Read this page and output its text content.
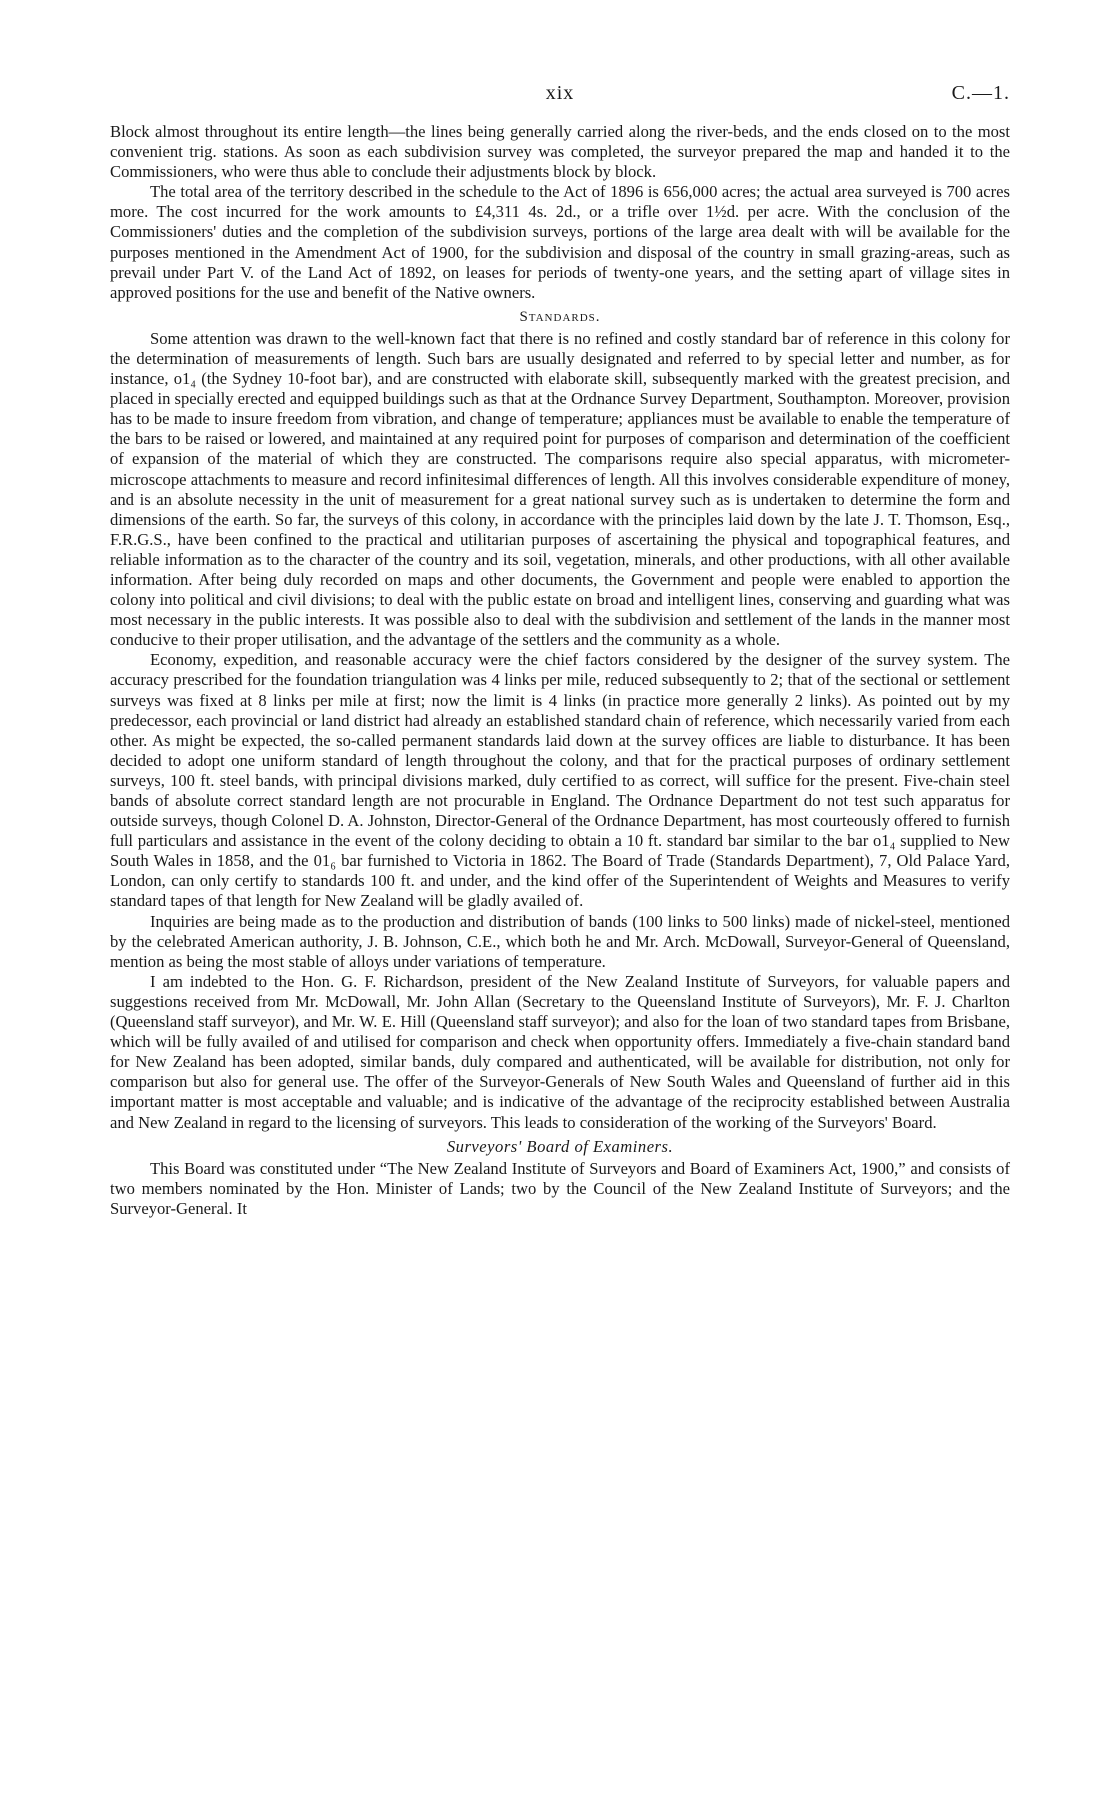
xix	C.—1.

Block almost throughout its entire length—the lines being generally carried along the river-beds, and the ends closed on to the most convenient trig. stations. As soon as each subdivision survey was completed, the surveyor prepared the map and handed it to the Commissioners, who were thus able to conclude their adjustments block by block.

The total area of the territory described in the schedule to the Act of 1896 is 656,000 acres; the actual area surveyed is 700 acres more. The cost incurred for the work amounts to £4,311 4s. 2d., or a trifle over 1½d. per acre. With the conclusion of the Commissioners' duties and the completion of the subdivision surveys, portions of the large area dealt with will be available for the purposes mentioned in the Amendment Act of 1900, for the subdivision and disposal of the country in small grazing-areas, such as prevail under Part V. of the Land Act of 1892, on leases for periods of twenty-one years, and the setting apart of village sites in approved positions for the use and benefit of the Native owners.

Standards.

Some attention was drawn to the well-known fact that there is no refined and costly standard bar of reference in this colony for the determination of measurements of length. Such bars are usually designated and referred to by special letter and number, as for instance, o1₄ (the Sydney 10-foot bar), and are constructed with elaborate skill, subsequently marked with the greatest precision, and placed in specially erected and equipped buildings such as that at the Ordnance Survey Department, Southampton. Moreover, provision has to be made to insure freedom from vibration, and change of temperature; appliances must be available to enable the temperature of the bars to be raised or lowered, and maintained at any required point for purposes of comparison and determination of the coefficient of expansion of the material of which they are constructed. The comparisons require also special apparatus, with micrometer-microscope attachments to measure and record infinitesimal differences of length. All this involves considerable expenditure of money, and is an absolute necessity in the unit of measurement for a great national survey such as is undertaken to determine the form and dimensions of the earth. So far, the surveys of this colony, in accordance with the principles laid down by the late J. T. Thomson, Esq., F.R.G.S., have been confined to the practical and utilitarian purposes of ascertaining the physical and topographical features, and reliable information as to the character of the country and its soil, vegetation, minerals, and other productions, with all other available information. After being duly recorded on maps and other documents, the Government and people were enabled to apportion the colony into political and civil divisions; to deal with the public estate on broad and intelligent lines, conserving and guarding what was most necessary in the public interests. It was possible also to deal with the subdivision and settlement of the lands in the manner most conducive to their proper utilisation, and the advantage of the settlers and the community as a whole.

Economy, expedition, and reasonable accuracy were the chief factors considered by the designer of the survey system. The accuracy prescribed for the foundation triangulation was 4 links per mile, reduced subsequently to 2; that of the sectional or settlement surveys was fixed at 8 links per mile at first; now the limit is 4 links (in practice more generally 2 links). As pointed out by my predecessor, each provincial or land district had already an established standard chain of reference, which necessarily varied from each other. As might be expected, the so-called permanent standards laid down at the survey offices are liable to disturbance. It has been decided to adopt one uniform standard of length throughout the colony, and that for the practical purposes of ordinary settlement surveys, 100 ft. steel bands, with principal divisions marked, duly certified to as correct, will suffice for the present. Five-chain steel bands of absolute correct standard length are not procurable in England. The Ordnance Department do not test such apparatus for outside surveys, though Colonel D. A. Johnston, Director-General of the Ordnance Department, has most courteously offered to furnish full particulars and assistance in the event of the colony deciding to obtain a 10 ft. standard bar similar to the bar o1₄ supplied to New South Wales in 1858, and the 01₆ bar furnished to Victoria in 1862. The Board of Trade (Standards Department), 7, Old Palace Yard, London, can only certify to standards 100 ft. and under, and the kind offer of the Superintendent of Weights and Measures to verify standard tapes of that length for New Zealand will be gladly availed of.

Inquiries are being made as to the production and distribution of bands (100 links to 500 links) made of nickel-steel, mentioned by the celebrated American authority, J. B. Johnson, C.E., which both he and Mr. Arch. McDowall, Surveyor-General of Queensland, mention as being the most stable of alloys under variations of temperature.

I am indebted to the Hon. G. F. Richardson, president of the New Zealand Institute of Surveyors, for valuable papers and suggestions received from Mr. McDowall, Mr. John Allan (Secretary to the Queensland Institute of Surveyors), Mr. F. J. Charlton (Queensland staff surveyor), and Mr. W. E. Hill (Queensland staff surveyor); and also for the loan of two standard tapes from Brisbane, which will be fully availed of and utilised for comparison and check when opportunity offers. Immediately a five-chain standard band for New Zealand has been adopted, similar bands, duly compared and authenticated, will be available for distribution, not only for comparison but also for general use. The offer of the Surveyor-Generals of New South Wales and Queensland of further aid in this important matter is most acceptable and valuable; and is indicative of the advantage of the reciprocity established between Australia and New Zealand in regard to the licensing of surveyors. This leads to consideration of the working of the Surveyors' Board.

Surveyors' Board of Examiners.

This Board was constituted under “The New Zealand Institute of Surveyors and Board of Examiners Act, 1900,” and consists of two members nominated by the Hon. Minister of Lands; two by the Council of the New Zealand Institute of Surveyors; and the Surveyor-General. It
